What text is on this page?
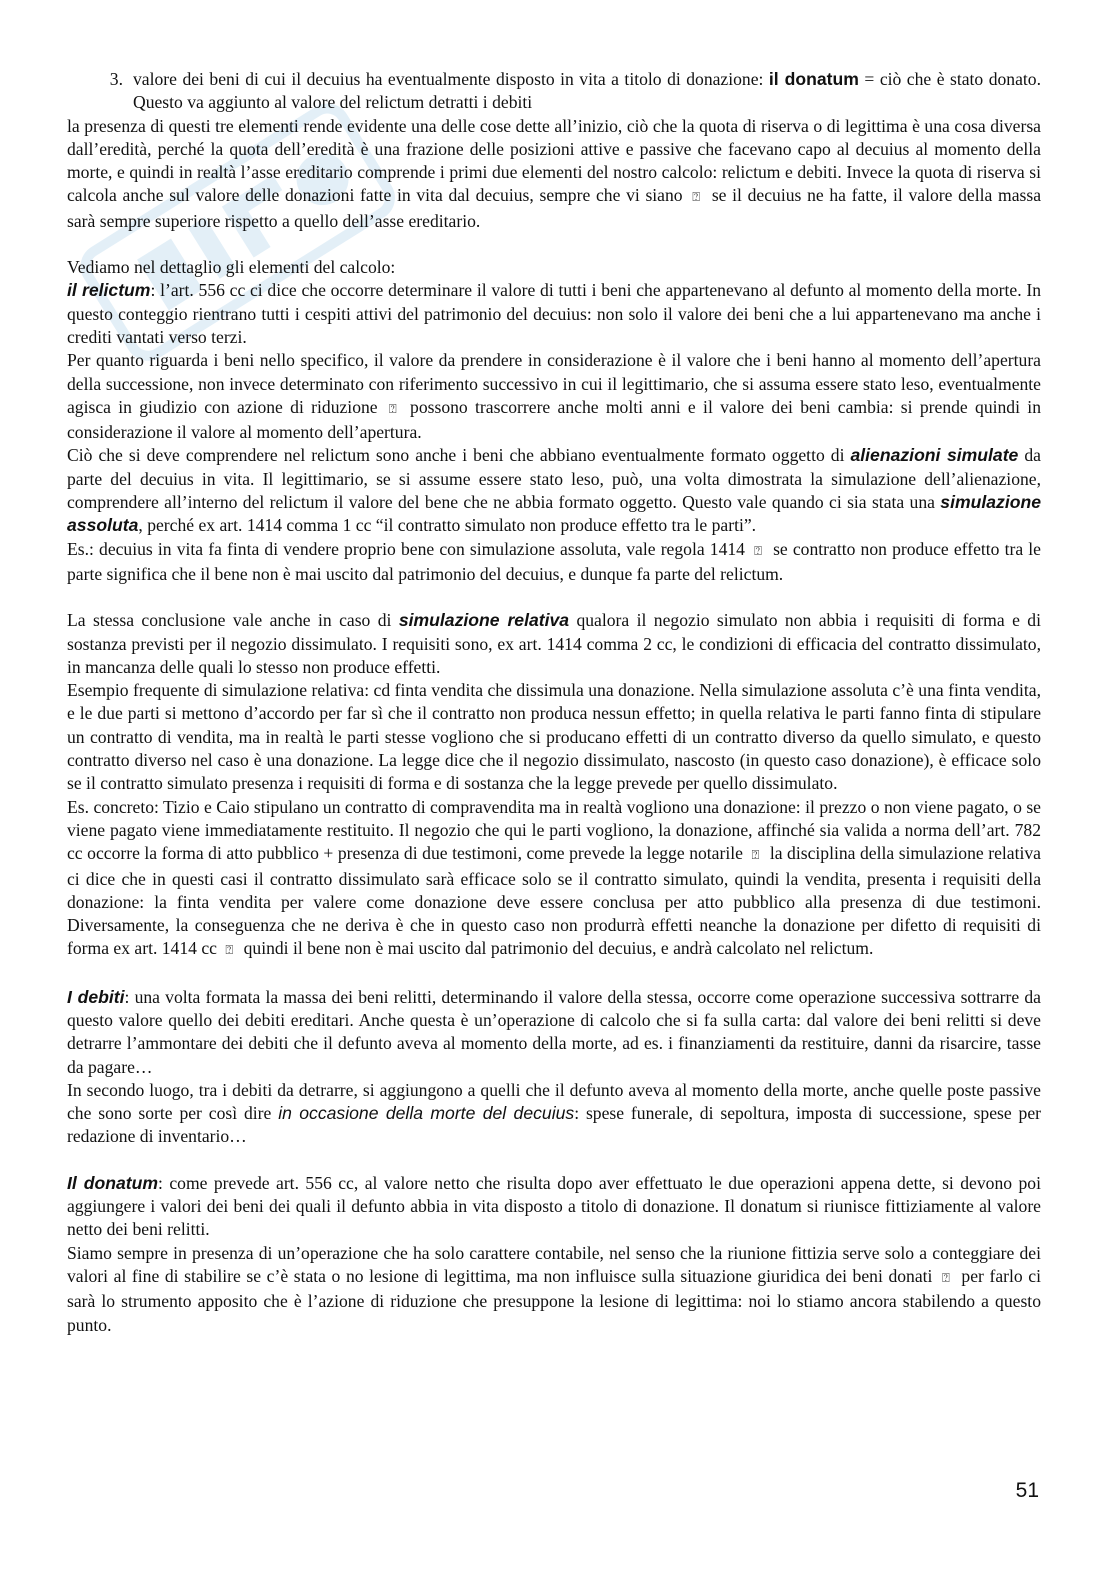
3. valore dei beni di cui il decuius ha eventualmente disposto in vita a titolo di donazione: il donatum = ciò che è stato donato. Questo va aggiunto al valore del relictum detratti i debiti

la presenza di questi tre elementi rende evidente una delle cose dette all’inizio, ciò che la quota di riserva o di legittima è una cosa diversa dall’eredità, perché la quota dell’eredità è una frazione delle posizioni attive e passive che facevano capo al decuius al momento della morte, e quindi in realtà l’asse ereditario comprende i primi due elementi del nostro calcolo: relictum e debiti. Invece la quota di riserva si calcola anche sul valore delle donazioni fatte in vita dal decuius, sempre che vi siano ⍰ se il decuius ne ha fatte, il valore della massa sarà sempre superiore rispetto a quello dell’asse ereditario.

Vediamo nel dettaglio gli elementi del calcolo:

il relictum: l’art. 556 cc ci dice che occorre determinare il valore di tutti i beni che appartenevano al defunto al momento della morte. In questo conteggio rientrano tutti i cespiti attivi del patrimonio del decuius: non solo il valore dei beni che a lui appartenevano ma anche i crediti vantati verso terzi.

Per quanto riguarda i beni nello specifico, il valore da prendere in considerazione è il valore che i beni hanno al momento dell’apertura della successione, non invece determinato con riferimento successivo in cui il legittimario, che si assuma essere stato leso, eventualmente agisca in giudizio con azione di riduzione ⍰ possono trascorrere anche molti anni e il valore dei beni cambia: si prende quindi in considerazione il valore al momento dell’apertura.

Ciò che si deve comprendere nel relictum sono anche i beni che abbiano eventualmente formato oggetto di alienazioni simulate da parte del decuius in vita. Il legittimario, se si assume essere stato leso, può, una volta dimostrata la simulazione dell’alienazione, comprendere all’interno del relictum il valore del bene che ne abbia formato oggetto. Questo vale quando ci sia stata una simulazione assoluta, perché ex art. 1414 comma 1 cc “il contratto simulato non produce effetto tra le parti”.

Es.: decuius in vita fa finta di vendere proprio bene con simulazione assoluta, vale regola 1414 ⍰ se contratto non produce effetto tra le parte significa che il bene non è mai uscito dal patrimonio del decuius, e dunque fa parte del relictum.

La stessa conclusione vale anche in caso di simulazione relativa qualora il negozio simulato non abbia i requisiti di forma e di sostanza previsti per il negozio dissimulato. I requisiti sono, ex art. 1414 comma 2 cc, le condizioni di efficacia del contratto dissimulato, in mancanza delle quali lo stesso non produce effetti.

Esempio frequente di simulazione relativa: cd finta vendita che dissimula una donazione. Nella simulazione assoluta c’è una finta vendita, e le due parti si mettono d’accordo per far sì che il contratto non produca nessun effetto; in quella relativa le parti fanno finta di stipulare un contratto di vendita, ma in realtà le parti stesse vogliono che si producano effetti di un contratto diverso da quello simulato, e questo contratto diverso nel caso è una donazione. La legge dice che il negozio dissimulato, nascosto (in questo caso donazione), è efficace solo se il contratto simulato presenza i requisiti di forma e di sostanza che la legge prevede per quello dissimulato.

Es. concreto: Tizio e Caio stipulano un contratto di compravendita ma in realtà vogliono una donazione: il prezzo o non viene pagato, o se viene pagato viene immediatamente restituito. Il negozio che qui le parti vogliono, la donazione, affinché sia valida a norma dell’art. 782 cc occorre la forma di atto pubblico + presenza di due testimoni, come prevede la legge notarile ⍰ la disciplina della simulazione relativa ci dice che in questi casi il contratto dissimulato sarà efficace solo se il contratto simulato, quindi la vendita, presenta i requisiti della donazione: la finta vendita per valere come donazione deve essere conclusa per atto pubblico alla presenza di due testimoni. Diversamente, la conseguenza che ne deriva è che in questo caso non produrrà effetti neanche la donazione per difetto di requisiti di forma ex art. 1414 cc ⍰ quindi il bene non è mai uscito dal patrimonio del decuius, e andrà calcolato nel relictum.

I debiti: una volta formata la massa dei beni relitti, determinando il valore della stessa, occorre come operazione successiva sottrarre da questo valore quello dei debiti ereditari. Anche questa è un’operazione di calcolo che si fa sulla carta: dal valore dei beni relitti si deve detrarre l’ammontare dei debiti che il defunto aveva al momento della morte, ad es. i finanziamenti da restituire, danni da risarcire, tasse da pagare…

In secondo luogo, tra i debiti da detrarre, si aggiungono a quelli che il defunto aveva al momento della morte, anche quelle poste passive che sono sorte per così dire in occasione della morte del decuius: spese funerale, di sepoltura, imposta di successione, spese per redazione di inventario…

Il donatum: come prevede art. 556 cc, al valore netto che risulta dopo aver effettuato le due operazioni appena dette, si devono poi aggiungere i valori dei beni dei quali il defunto abbia in vita disposto a titolo di donazione. Il donatum si riunisce fittiziamente al valore netto dei beni relitti.

Siamo sempre in presenza di un’operazione che ha solo carattere contabile, nel senso che la riunione fittizia serve solo a conteggiare dei valori al fine di stabilire se c’è stata o no lesione di legittima, ma non influisce sulla situazione giuridica dei beni donati ⍰ per farlo ci sarà lo strumento apposito che è l’azione di riduzione che presuppone la lesione di legittima: noi lo stiamo ancora stabilendo a questo punto.

51
